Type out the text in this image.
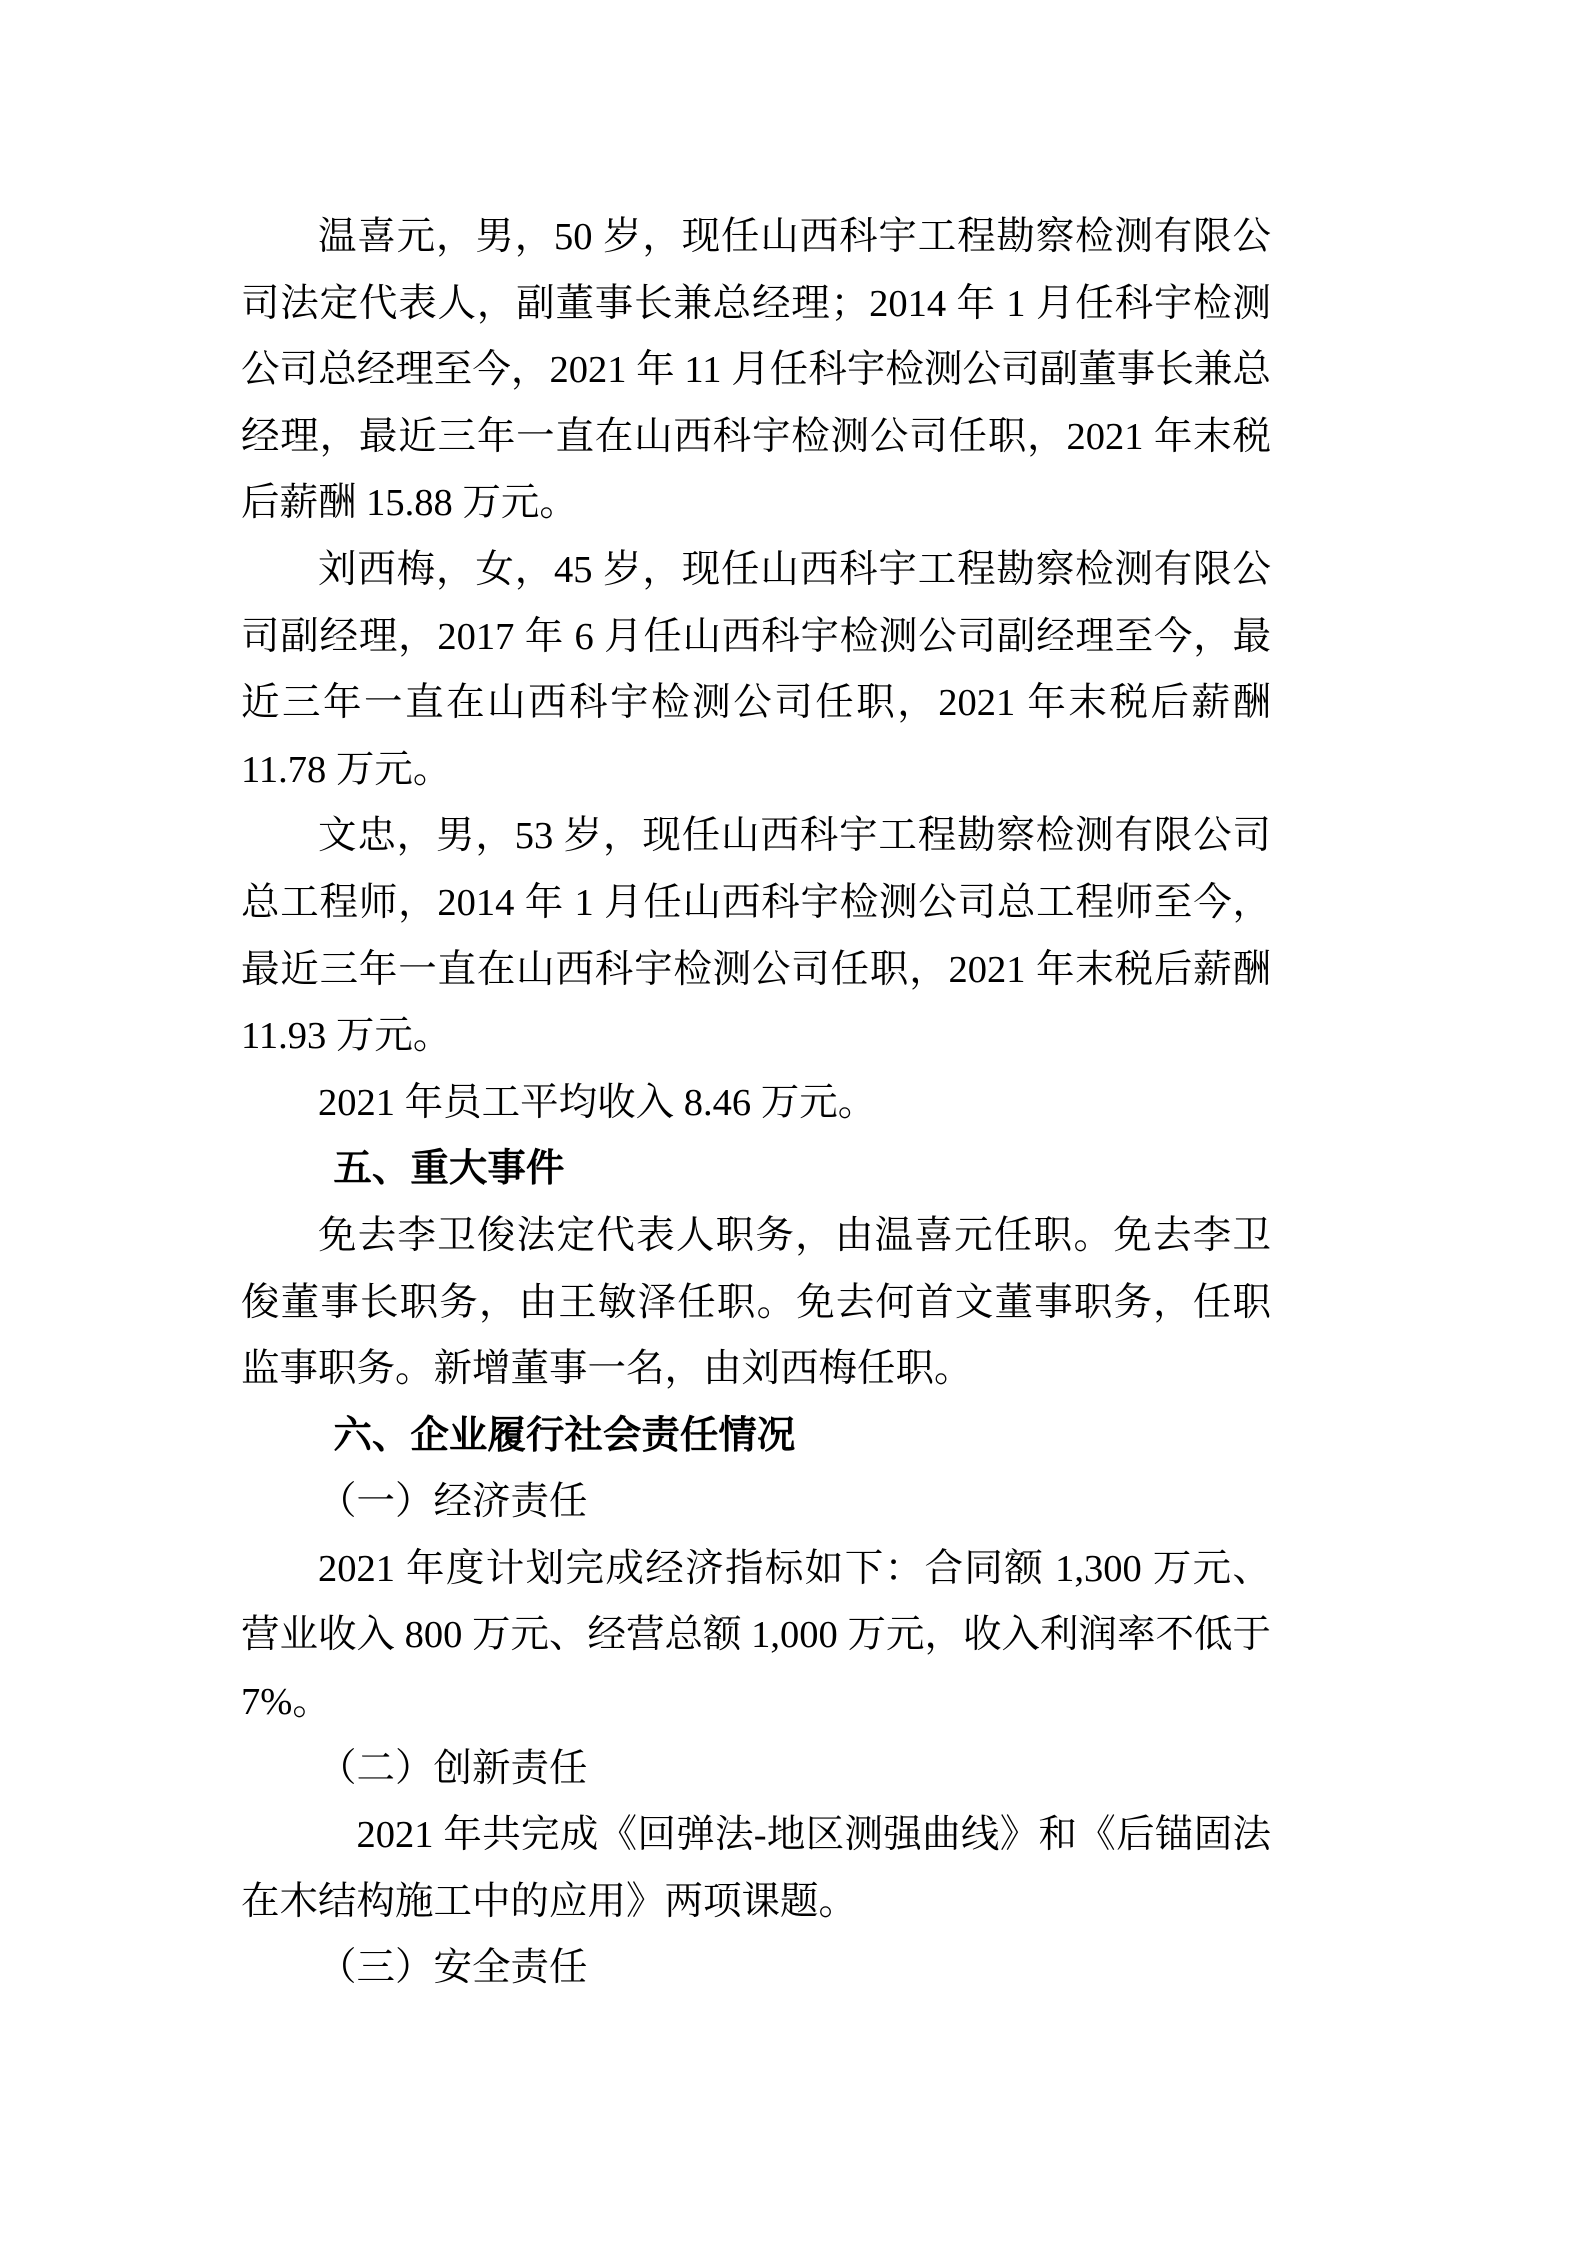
温喜元，男，50 岁，现任山西科宇工程勘察检测有限公司法定代表人，副董事长兼总经理；2014 年 1 月任科宇检测公司总经理至今，2021 年 11 月任科宇检测公司副董事长兼总经理，最近三年一直在山西科宇检测公司任职，2021 年末税后薪酬 15.88 万元。

刘西梅，女，45 岁，现任山西科宇工程勘察检测有限公司副经理，2017 年 6 月任山西科宇检测公司副经理至今，最近三年一直在山西科宇检测公司任职，2021 年末税后薪酬 11.78 万元。

文忠，男，53 岁，现任山西科宇工程勘察检测有限公司总工程师，2014 年 1 月任山西科宇检测公司总工程师至今，最近三年一直在山西科宇检测公司任职，2021 年末税后薪酬 11.93 万元。

2021 年员工平均收入 8.46 万元。

五、重大事件

免去李卫俊法定代表人职务，由温喜元任职。免去李卫俊董事长职务，由王敏泽任职。免去何首文董事职务，任职监事职务。新增董事一名，由刘西梅任职。

六、企业履行社会责任情况

（一）经济责任

2021 年度计划完成经济指标如下：合同额 1,300 万元、营业收入 800 万元、经营总额 1,000 万元，收入利润率不低于 7%。

（二）创新责任

2021 年共完成《回弹法-地区测强曲线》和《后锚固法在木结构施工中的应用》两项课题。

（三）安全责任
